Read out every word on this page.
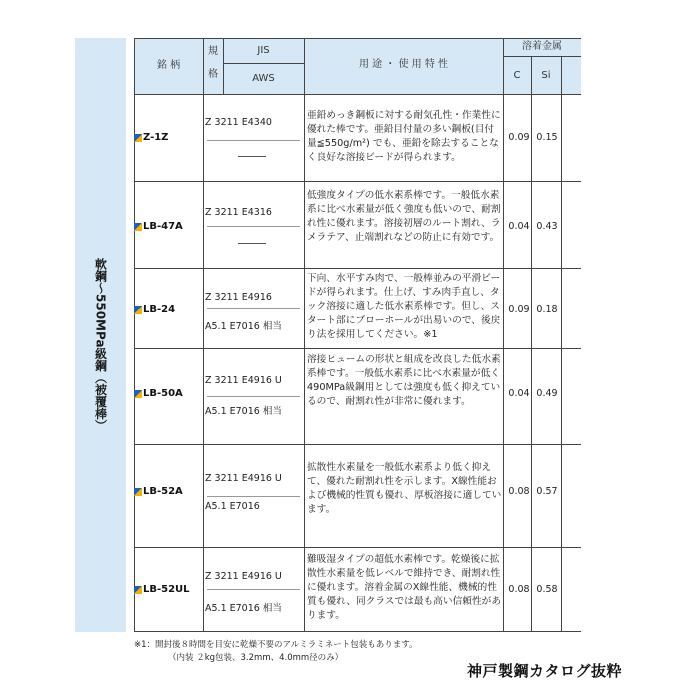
軟鋼～550MPa級鋼（被覆棒）
銘 柄
規
格
JIS
AWS
用 途 ・ 使 用 特 性
溶着金属
C	Si
Z-1Z
Z 3211 E4340
亜鉛めっき鋼板に対する耐気孔性・作業性に優れた棒です。亜鉛目付量の多い鋼板(目付量≦550g/m²) でも、亜鉛を除去することなく良好な溶接ビードが得られます。
0.09 0.15
LB-47A
Z 3211 E4316
低強度タイプの低水素系棒です。一般低水素系に比べ水素量が低く強度も低いので、耐割れ性に優れます。溶接初層のルート割れ、ラメラテア、止端割れなどの防止に有効です。
0.04 0.43
LB-24
Z 3211 E4916
A5.1 E7016 相当
下向、水平すみ肉で、一般棒並みの平滑ビードが得られます。仕上げ、すみ肉手直し、タック溶接に適した低水素系棒です。但し、スタート部にブローホールが出易いので、後戻り法を採用してください。※1
0.09 0.18
LB-50A
Z 3211 E4916 U
A5.1 E7016 相当
溶接ヒュームの形状と組成を改良した低水素系棒です。一般低水素系に比べ水素量が低く490MPa級鋼用としては強度も低く抑えているので、耐割れ性が非常に優れます。
0.04 0.49
LB-52A
Z 3211 E4916 U
A5.1 E7016
拡散性水素量を一般低水素系より低く抑えて、優れた耐割れ性を示します。X線性能および機械的性質も優れ、厚板溶接に適しています。
0.08 0.57
LB-52UL
Z 3211 E4916 U
A5.1 E7016 相当
難吸湿タイプの超低水素棒です。乾燥後に拡散性水素量を低レベルで維持でき、耐割れ性に優れます。溶着金属のX線性能、機械的性質も優れ、同クラスでは最も高い信頼性があります。
0.08 0.58
※1：開封後８時間を目安に乾燥不要のアルミラミネート包装もあります。
（内装 ２kg包装、3.2mm、4.0mm径のみ）
神戸製鋼カタログ抜粋
